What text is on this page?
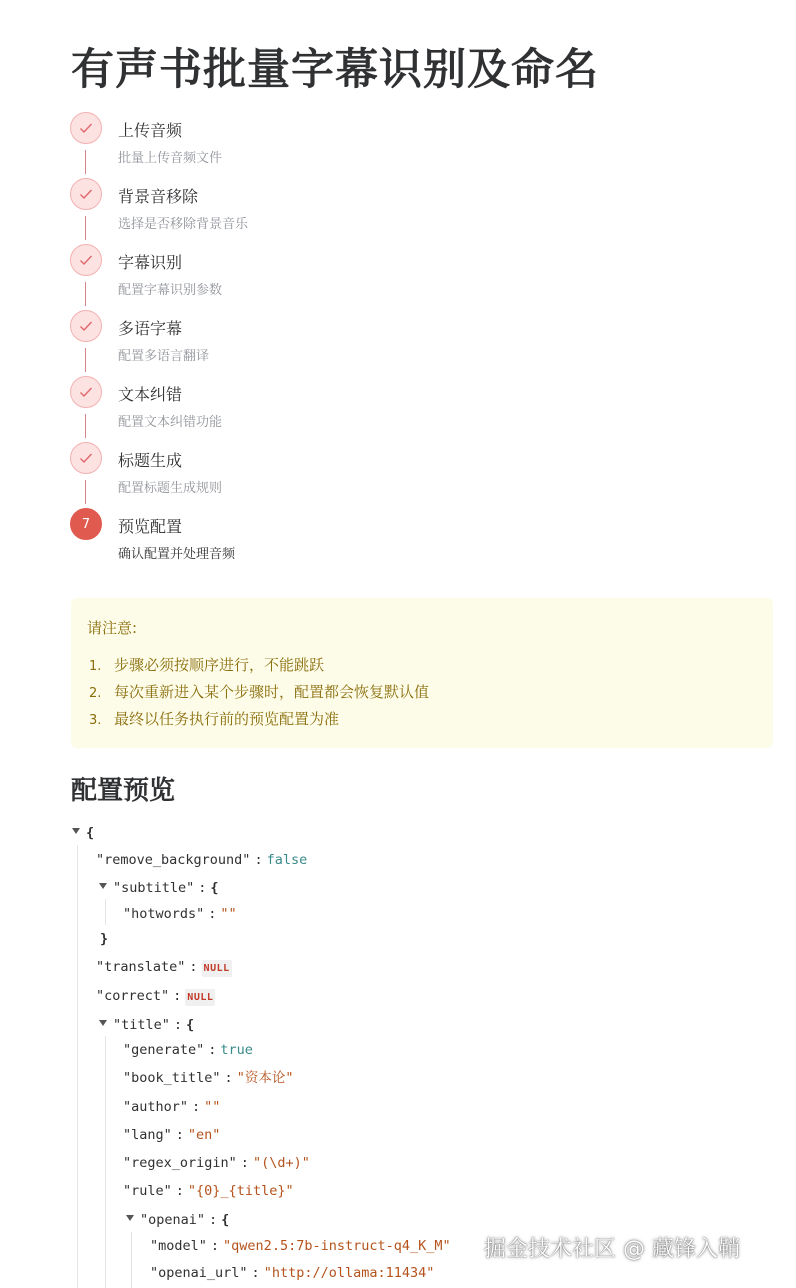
有声书批量字幕识别及命名
上传音频
批量上传音频文件
背景音移除
选择是否移除背景音乐
字幕识别
配置字幕识别参数
多语字幕
配置多语言翻译
文本纠错
配置文本纠错功能
标题生成
配置标题生成规则
7	预览配置
确认配置并处理音频
请注意:
1. 步骤必须按顺序进行，不能跳跃
2. 每次重新进入某个步骤时，配置都会恢复默认值
3. 最终以任务执行前的预览配置为准
配置预览
{
"remove_background" : false
"subtitle" : {
"hotwords" : ""
}
"translate" : NULL
"correct" : NULL
"title" : {
"generate" : true
"book_title" : "资本论"
"author" : ""
"lang" : "en"
"regex_origin" : "(\d+)"
"rule" : "{0}_{title}"
"openai" : {
"model" : "qwen2.5:7b-instruct-q4_K_M"
"openai_url" : "http://ollama:11434"
掘金技术社区 @ 藏锋入鞘
